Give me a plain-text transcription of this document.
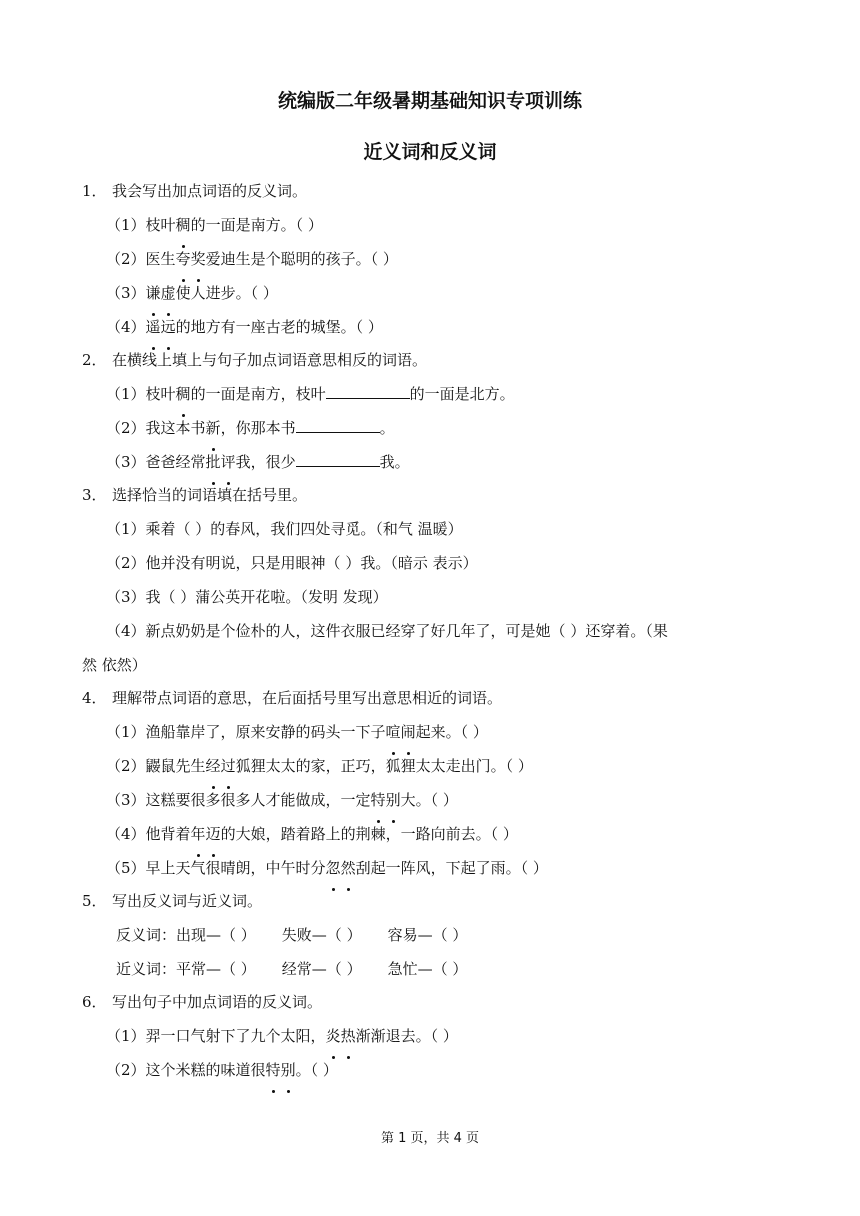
统编版二年级暑期基础知识专项训练
近义词和反义词

1． 我会写出加点词语的反义词。

（1）枝叶稠的一面是南方。（ ）

（2）医生夸奖爱迪生是个聪明的孩子。（ ）

（3）谦虚使人进步。（ ）

（4）遥远的地方有一座古老的城堡。（ ）

2． 在横线上填上与句子加点词语意思相反的词语。

（1）枝叶稠的一面是南方，枝叶	的一面是北方。

（2）我这本书新，你那本书	。

（3）爸爸经常批评我，很少	我。

3． 选择恰当的词语填在括号里。

（1）乘着（ ）的春风，我们四处寻觅。（和气 温暖）

（2）他并没有明说，只是用眼神（ ）我。（暗示 表示）

（3）我（ ）蒲公英开花啦。（发明 发现）

（4）新点奶奶是个俭朴的人，这件衣服已经穿了好几年了，可是她（ ）还穿着。（果

然 依然）

4． 理解带点词语的意思，在后面括号里写出意思相近的词语。

（1）渔船靠岸了，原来安静的码头一下子喧闹起来。（ ）

（2）鼹鼠先生经过狐狸太太的家，正巧，狐狸太太走出门。（ ）

（3）这糕要很多很多人才能做成，一定特别大。（ ）

（4）他背着年迈的大娘，踏着路上的荆棘，一路向前去。（ ）

（5）早上天气很晴朗，中午时分忽然刮起一阵风，下起了雨。（ ）

5． 写出反义词与近义词。

反义词：出现—（ ） 失败—（ ） 容易—（ ）

近义词：平常—（ ） 经常—（ ） 急忙—（ ）

6． 写出句子中加点词语的反义词。

（1）羿一口气射下了九个太阳，炎热渐渐退去。（ ）

（2）这个米糕的味道很特别。（ ）

第 1 页，共 4 页
